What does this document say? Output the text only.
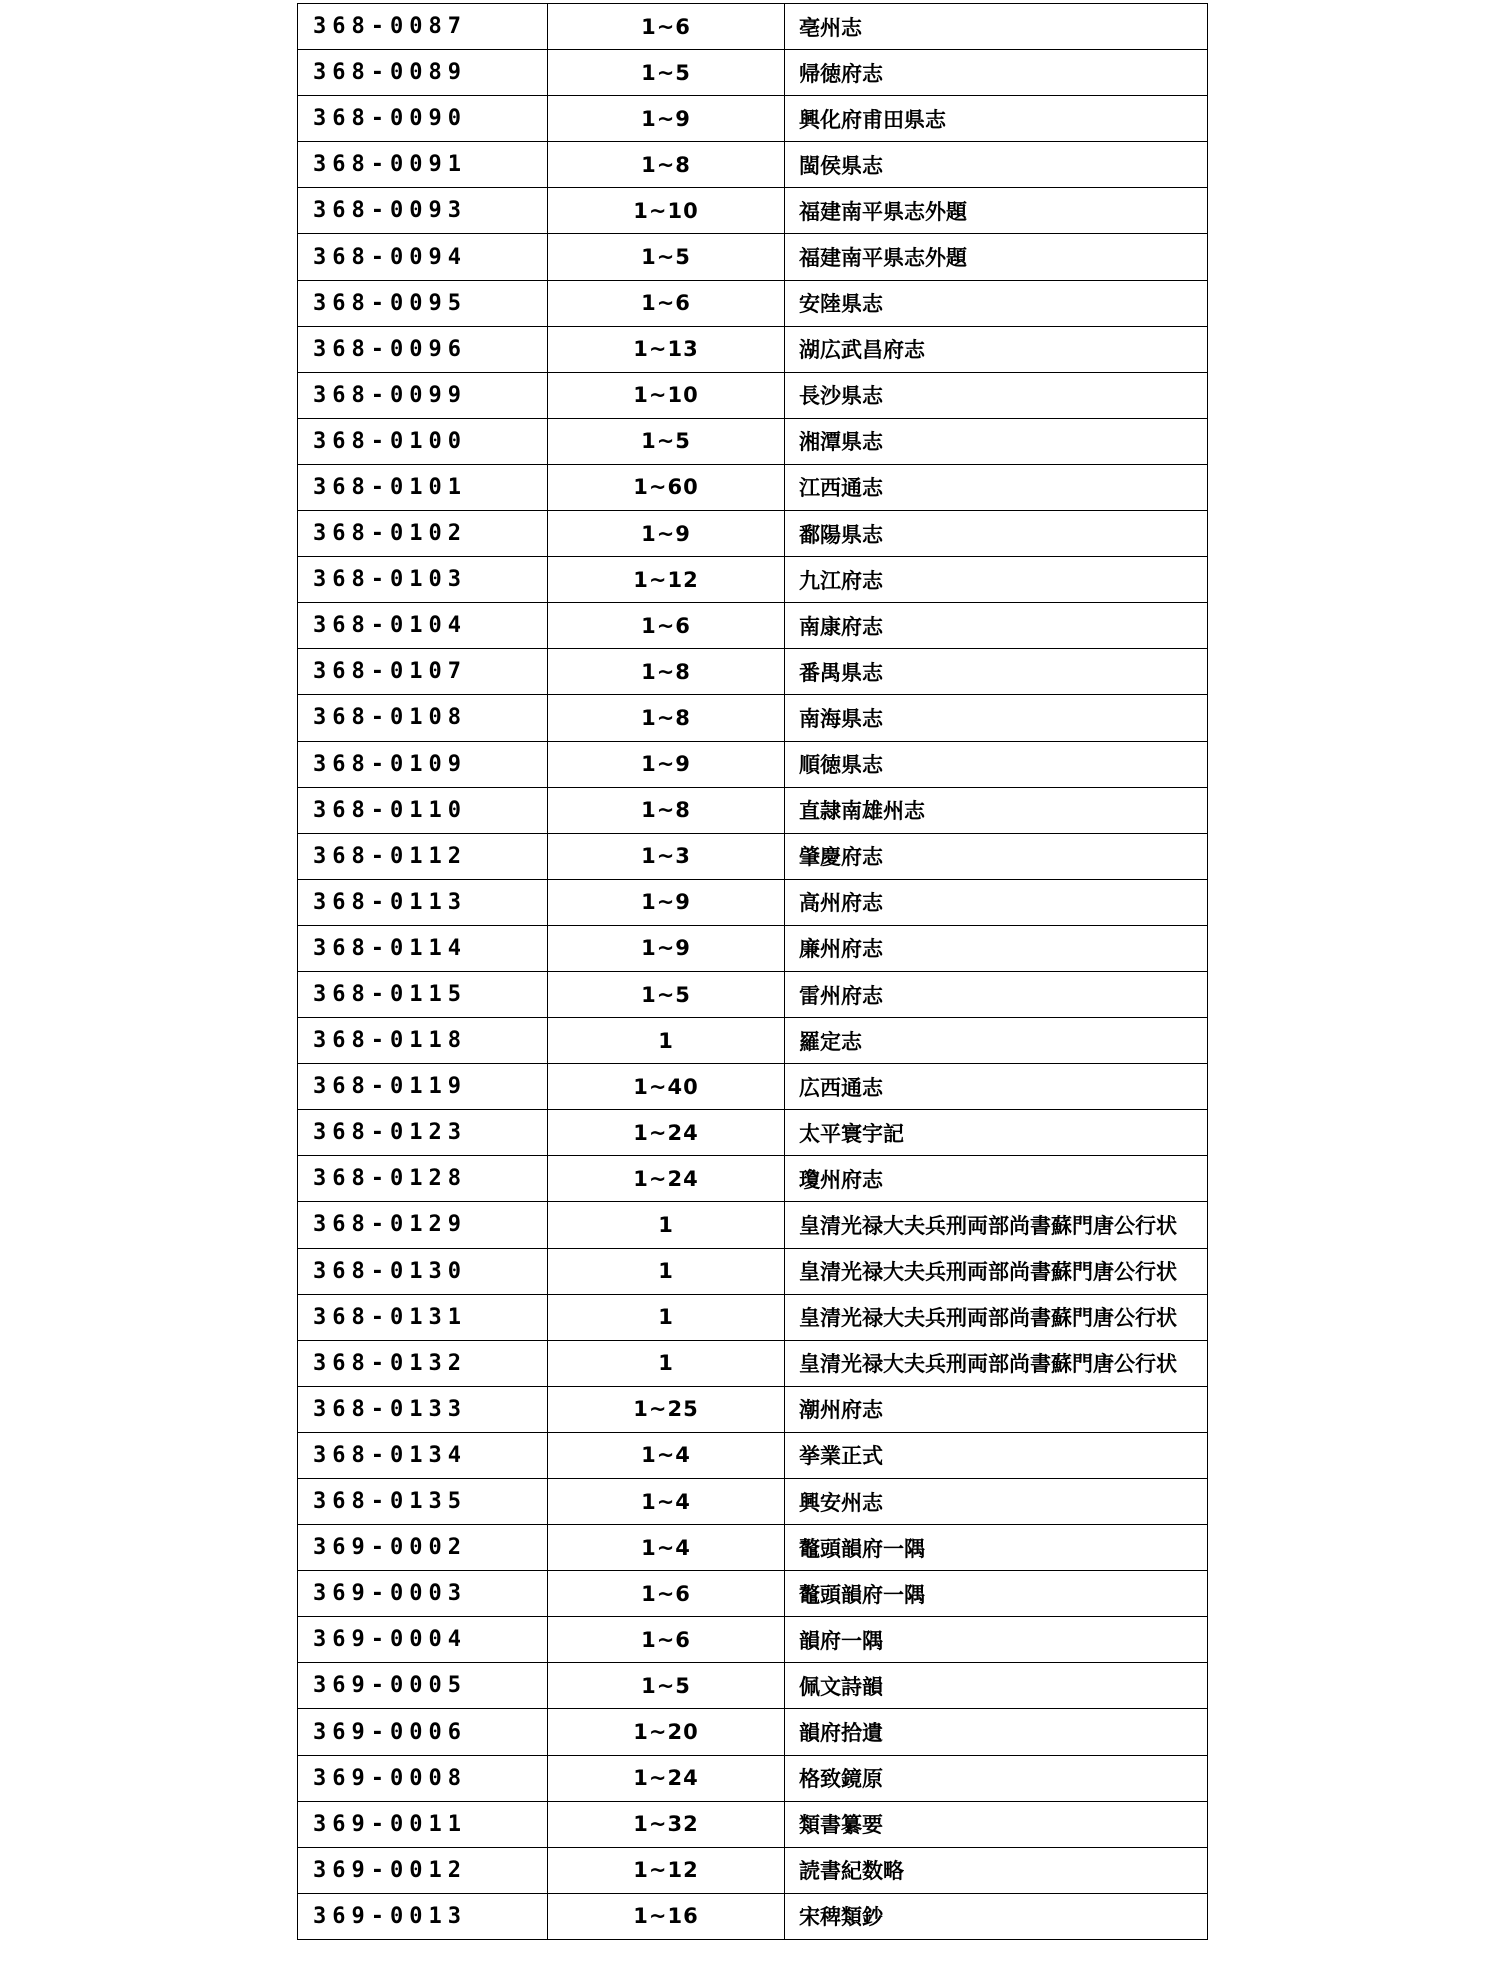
368-0087	1~6	亳州志
368-0089	1~5	帰徳府志
368-0090	1~9	興化府甫田県志
368-0091	1~8	閩侯県志
368-0093	1~10	福建南平県志外題
368-0094	1~5	福建南平県志外題
368-0095	1~6	安陸県志
368-0096	1~13	湖広武昌府志
368-0099	1~10	長沙県志
368-0100	1~5	湘潭県志
368-0101	1~60	江西通志
368-0102	1~9	鄱陽県志
368-0103	1~12	九江府志
368-0104	1~6	南康府志
368-0107	1~8	番禺県志
368-0108	1~8	南海県志
368-0109	1~9	順徳県志
368-0110	1~8	直隷南雄州志
368-0112	1~3	肇慶府志
368-0113	1~9	高州府志
368-0114	1~9	廉州府志
368-0115	1~5	雷州府志
368-0118	1	羅定志
368-0119	1~40	広西通志
368-0123	1~24	太平寰宇記
368-0128	1~24	瓊州府志
368-0129	1	皇清光禄大夫兵刑両部尚書蘇門唐公行状
368-0130	1	皇清光禄大夫兵刑両部尚書蘇門唐公行状
368-0131	1	皇清光禄大夫兵刑両部尚書蘇門唐公行状
368-0132	1	皇清光禄大夫兵刑両部尚書蘇門唐公行状
368-0133	1~25	潮州府志
368-0134	1~4	挙業正式
368-0135	1~4	興安州志
369-0002	1~4	鼇頭韻府一隅
369-0003	1~6	鼇頭韻府一隅
369-0004	1~6	韻府一隅
369-0005	1~5	佩文詩韻
369-0006	1~20	韻府拾遺
369-0008	1~24	格致鏡原
369-0011	1~32	類書纂要
369-0012	1~12	読書紀数略
369-0013	1~16	宋稗類鈔
